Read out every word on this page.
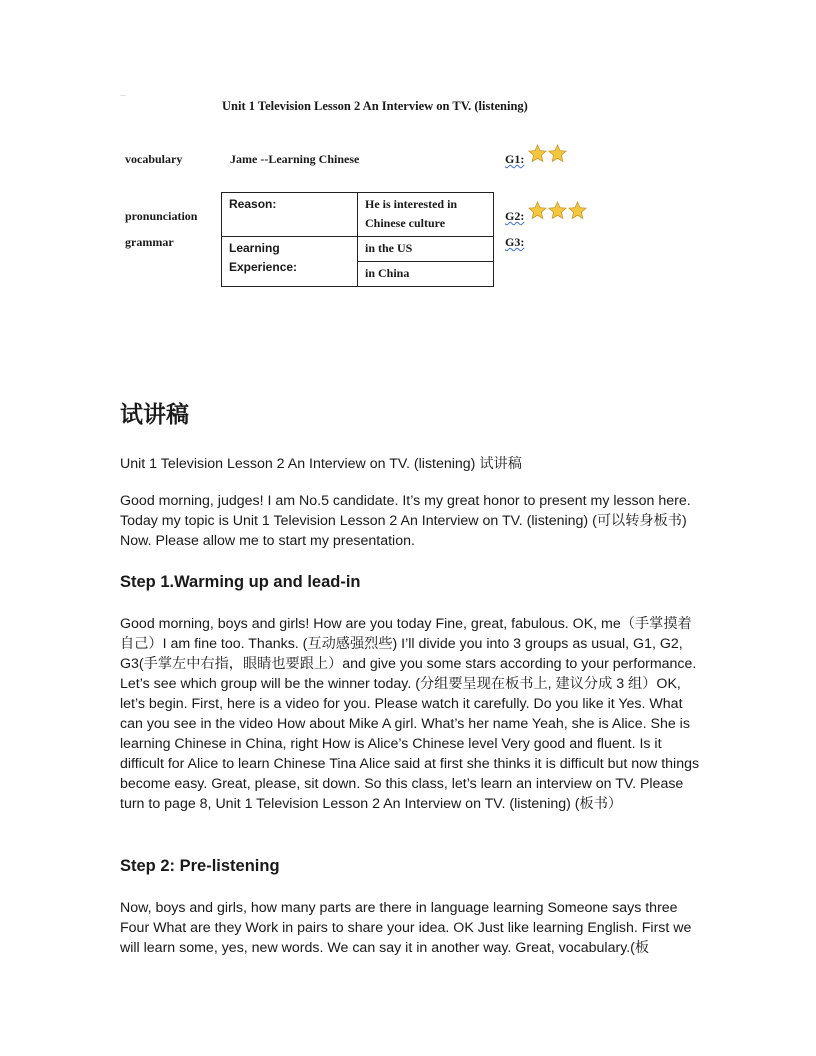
…
Unit 1 Television Lesson 2 An Interview on TV. (listening)
vocabulary
pronunciation
grammar
Jame --Learning Chinese	G1:
G2:
G3:
Reason:	He is interested in Chinese culture
Learning Experience:	in the US
	in China
试讲稿
Unit 1 Television Lesson 2 An Interview on TV. (listening) 试讲稿
Good morning, judges! I am No.5 candidate. It’s my great honor to present my lesson here. Today my topic is Unit 1 Television Lesson 2 An Interview on TV. (listening) (可以转身板书) Now. Please allow me to start my presentation.
Step 1.Warming up and lead-in
Good morning, boys and girls! How are you today Fine, great, fabulous. OK, me（手掌摸着自己）I am fine too. Thanks. (互动感强烈些) I’ll divide you into 3 groups as usual, G1, G2, G3(手掌左中右指，眼睛也要跟上）and give you some stars according to your performance. Let’s see which group will be the winner today. (分组要呈现在板书上, 建议分成 3 组）OK, let’s begin. First, here is a video for you. Please watch it carefully. Do you like it Yes. What can you see in the video How about Mike A girl. What’s her name Yeah, she is Alice. She is learning Chinese in China, right How is Alice’s Chinese level Very good and fluent. Is it difficult for Alice to learn Chinese Tina Alice said at first she thinks it is difficult but now things become easy. Great, please, sit down. So this class, let’s learn an interview on TV. Please turn to page 8, Unit 1 Television Lesson 2 An Interview on TV. (listening) (板书）
Step 2: Pre-listening
Now, boys and girls, how many parts are there in language learning Someone says three Four What are they Work in pairs to share your idea. OK Just like learning English. First we will learn some, yes, new words. We can say it in another way. Great, vocabulary.(板
